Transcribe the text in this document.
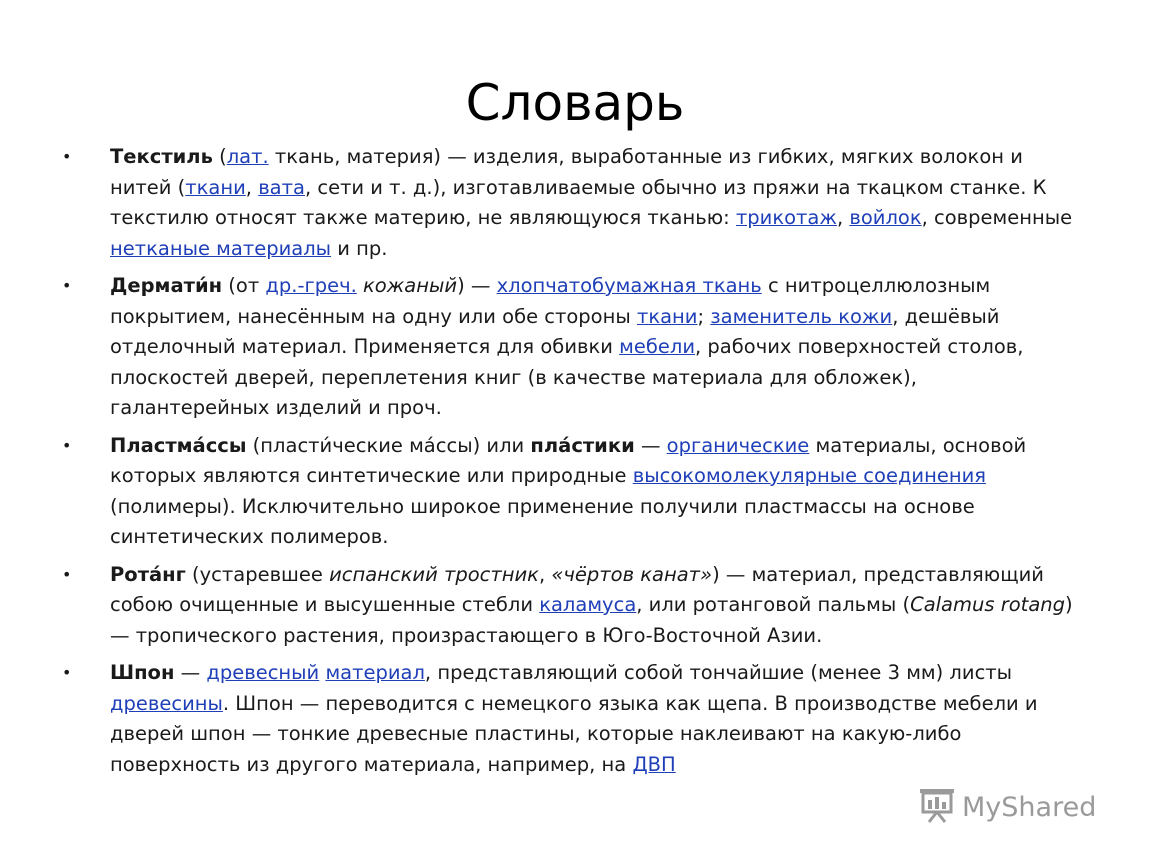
Словарь
• Текстиль (лат. ткань, материя) — изделия, выработанные из гибких, мягких волокон и нитей (ткани, вата, сети и т. д.), изготавливаемые обычно из пряжи на ткацком станке. К текстилю относят также материю, не являющуюся тканью: трикотаж, войлок, современные нетканые материалы и пр.
• Дермати́н (от др.-греч. кожаный) — хлопчатобумажная ткань с нитроцеллюлозным покрытием, нанесённым на одну или обе стороны ткани; заменитель кожи, дешёвый отделочный материал. Применяется для обивки мебели, рабочих поверхностей столов, плоскостей дверей, переплетения книг (в качестве материала для обложек), галантерейных изделий и проч.
• Пластма́ссы (пласти́ческие ма́ссы) или пла́стики — органические материалы, основой которых являются синтетические или природные высокомолекулярные соединения (полимеры). Исключительно широкое применение получили пластмассы на основе синтетических полимеров.
• Рота́нг (устаревшее испанский тростник, «чёртов канат») — материал, представляющий собою очищенные и высушенные стебли каламуса, или ротанговой пальмы (Calamus rotang) — тропического растения, произрастающего в Юго-Восточной Азии.
• Шпон — древесный материал, представляющий собой тончайшие (менее 3 мм) листы древесины. Шпон — переводится с немецкого языка как щепа. В производстве мебели и дверей шпон — тонкие древесные пластины, которые наклеивают на какую-либо поверхность из другого материала, например, на ДВП
MyShared
